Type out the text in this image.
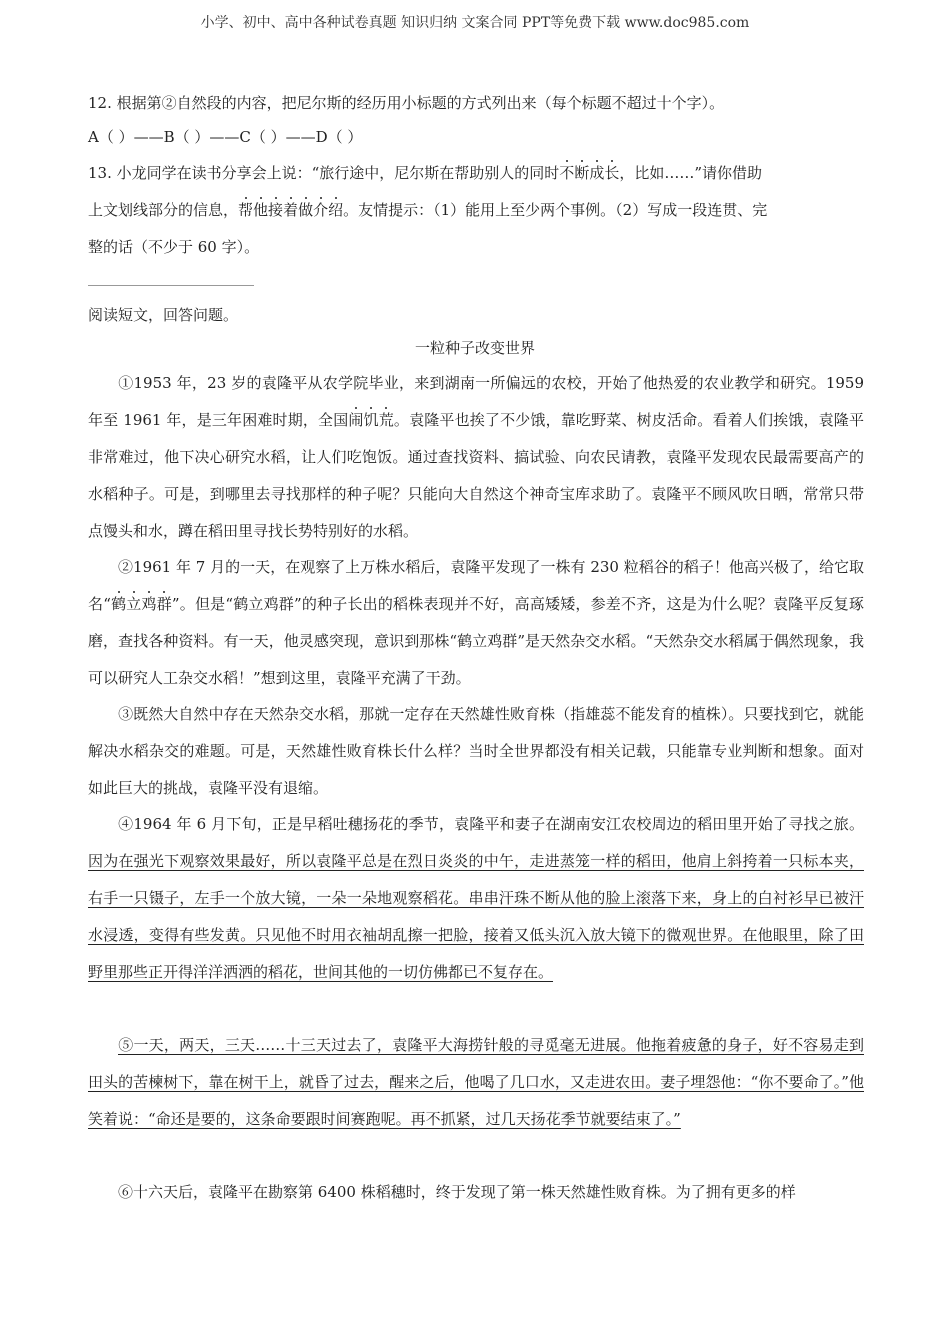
小学、初中、高中各种试卷真题 知识归纳 文案合同 PPT等免费下载 www.doc985.com
12. 根据第②自然段的内容，把尼尔斯的经历用小标题的方式列出来（每个标题不超过十个字）。
A（ ）——B（ ）——C（ ）——D（ ）
13. 小龙同学在读书分享会上说：“旅行途中，尼尔斯在帮助别人的同时不断成长，比如……”请你借助
上文划线部分的信息，帮他接着做介绍。友情提示：（1）能用上至少两个事例。（2）写成一段连贯、完
整的话（不少于 60 字）。
阅读短文，回答问题。
一粒种子改变世界
①1953 年，23 岁的袁隆平从农学院毕业，来到湖南一所偏远的农校，开始了他热爱的农业教学和研究。1959 年至 1961 年，是三年困难时期，全国闹饥荒。袁隆平也挨了不少饿，靠吃野菜、树皮活命。看着人们挨饿，袁隆平非常难过，他下决心研究水稻，让人们吃饱饭。通过查找资料、搞试验、向农民请教，袁隆平发现农民最需要高产的水稻种子。可是，到哪里去寻找那样的种子呢？只能向大自然这个神奇宝库求助了。袁隆平不顾风吹日晒，常常只带点馒头和水，蹲在稻田里寻找长势特别好的水稻。
②1961 年 7 月的一天，在观察了上万株水稻后，袁隆平发现了一株有 230 粒稻谷的稻子！他高兴极了，给它取名“鹤立鸡群”。但是“鹤立鸡群”的种子长出的稻株表现并不好，高高矮矮，参差不齐，这是为什么呢？袁隆平反复琢磨，查找各种资料。有一天，他灵感突现，意识到那株“鹤立鸡群”是天然杂交水稻。“天然杂交水稻属于偶然现象，我可以研究人工杂交水稻！”想到这里，袁隆平充满了干劲。
③既然大自然中存在天然杂交水稻，那就一定存在天然雄性败育株（指雄蕊不能发育的植株）。只要找到它，就能解决水稻杂交的难题。可是，天然雄性败育株长什么样？当时全世界都没有相关记载，只能靠专业判断和想象。面对如此巨大的挑战，袁隆平没有退缩。
④1964 年 6 月下旬，正是早稻吐穗扬花的季节，袁隆平和妻子在湖南安江农校周边的稻田里开始了寻找之旅。因为在强光下观察效果最好，所以袁隆平总是在烈日炎炎的中午，走进蒸笼一样的稻田，他肩上斜挎着一只标本夹，右手一只镊子，左手一个放大镜，一朵一朵地观察稻花。串串汗珠不断从他的脸上滚落下来，身上的白衬衫早已被汗水浸透，变得有些发黄。只见他不时用衣袖胡乱擦一把脸，接着又低头沉入放大镜下的微观世界。在他眼里，除了田野里那些正开得洋洋洒洒的稻花，世间其他的一切仿佛都已不复存在。
⑤一天，两天，三天……十三天过去了，袁隆平大海捞针般的寻觅毫无进展。他拖着疲惫的身子，好不容易走到田头的苦楝树下，靠在树干上，就昏了过去，醒来之后，他喝了几口水，又走进农田。妻子埋怨他：“你不要命了。”他笑着说：“命还是要的，这条命要跟时间赛跑呢。再不抓紧，过几天扬花季节就要结束了。”
⑥十六天后，袁隆平在勘察第 6400 株稻穗时，终于发现了第一株天然雄性败育株。为了拥有更多的样
